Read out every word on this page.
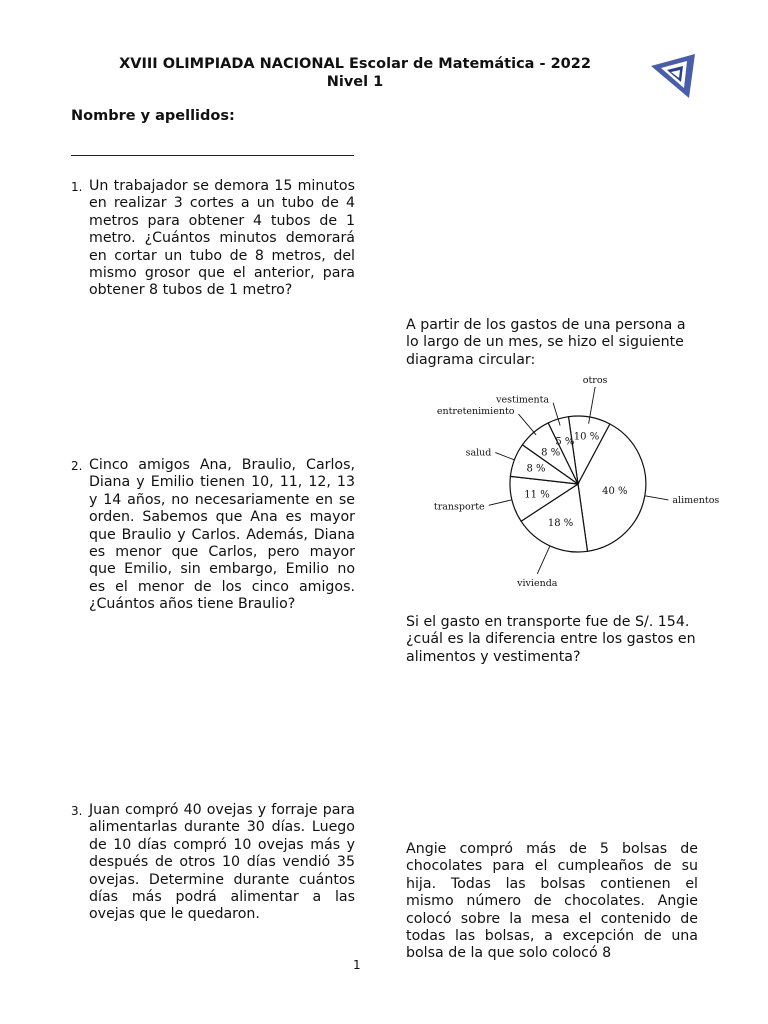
XVIII OLIMPIADA NACIONAL Escolar de Matemática - 2022
Nivel 1
Nombre y apellidos:
1. Un trabajador se demora 15 minutos en realizar 3 cortes a un tubo de 4 metros para obtener 4 tubos de 1 metro. ¿Cuántos minutos demorará en cortar un tubo de 8 metros, del mismo grosor que el anterior, para obtener 8 tubos de 1 metro?
2. Cinco amigos Ana, Braulio, Carlos, Diana y Emilio tienen 10, 11, 12, 13 y 14 años, no necesariamente en se orden. Sabemos que Ana es mayor que Braulio y Carlos. Además, Diana es menor que Carlos, pero mayor que Emilio, sin embargo, Emilio no es el menor de los cinco amigos. ¿Cuántos años tiene Braulio?
3. Juan compró 40 ovejas y forraje para alimentarlas durante 30 días. Luego de 10 días compró 10 ovejas más y después de otros 10 días vendió 35 ovejas. Determine durante cuántos días más podrá alimentar a las ovejas que le quedaron.
A partir de los gastos de una persona a lo largo de un mes, se hizo el siguiente diagrama circular:
10 %
otros
40 %
alimentos
18 %
vivienda
11 %
transporte
8 %
salud	8 %
entretenimiento
5 %
vestimenta
Si el gasto en transporte fue de S/. 154. ¿cuál es la diferencia entre los gastos en alimentos y vestimenta?
Angie compró más de 5 bolsas de chocolates para el cumpleaños de su hija. Todas las bolsas contienen el mismo número de chocolates. Angie colocó sobre la mesa el contenido de todas las bolsas, a excepción de una bolsa de la que solo colocó 8
1
